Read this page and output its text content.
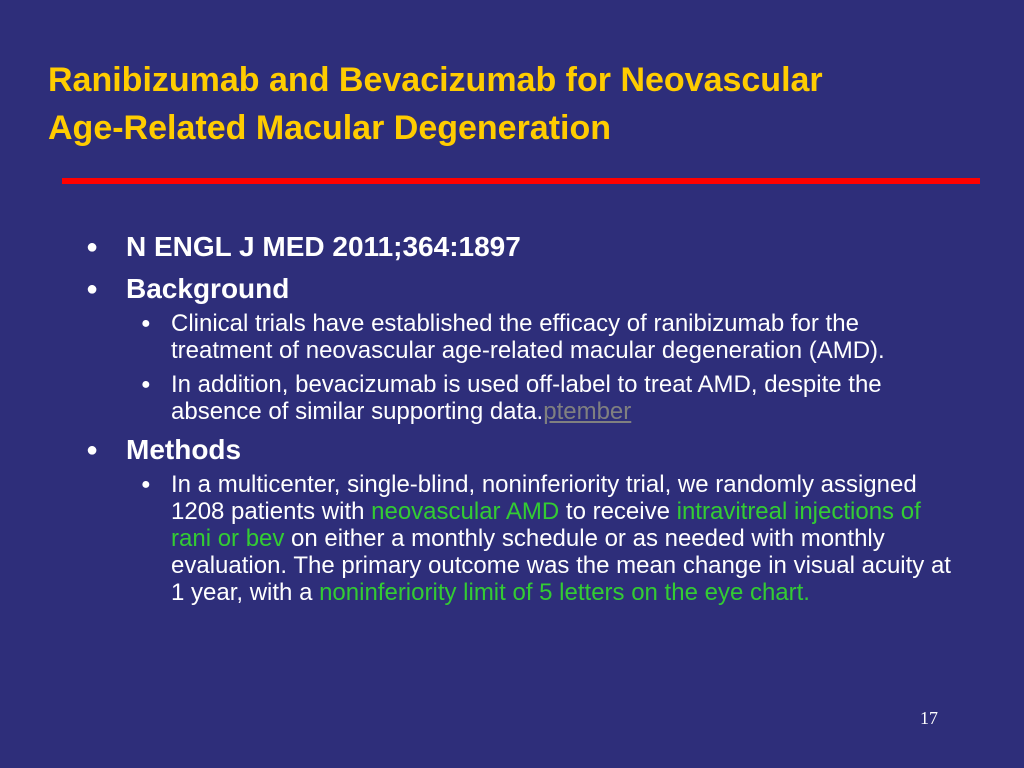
Ranibizumab and Bevacizumab for Neovascular
Age-Related Macular Degeneration
● N ENGL J MED 2011;364:1897
● Background
● Clinical trials have established the efficacy of ranibizumab for the treatment of neovascular age-related macular degeneration (AMD).
● In addition, bevacizumab is used off-label to treat AMD, despite the absence of similar supporting data.ptember
● Methods
● In a multicenter, single-blind, noninferiority trial, we randomly assigned 1208 patients with neovascular AMD to receive intravitreal injections of rani or bev on either a monthly schedule or as needed with monthly evaluation. The primary outcome was the mean change in visual acuity at 1 year, with a noninferiority limit of 5 letters on the eye chart.
17
